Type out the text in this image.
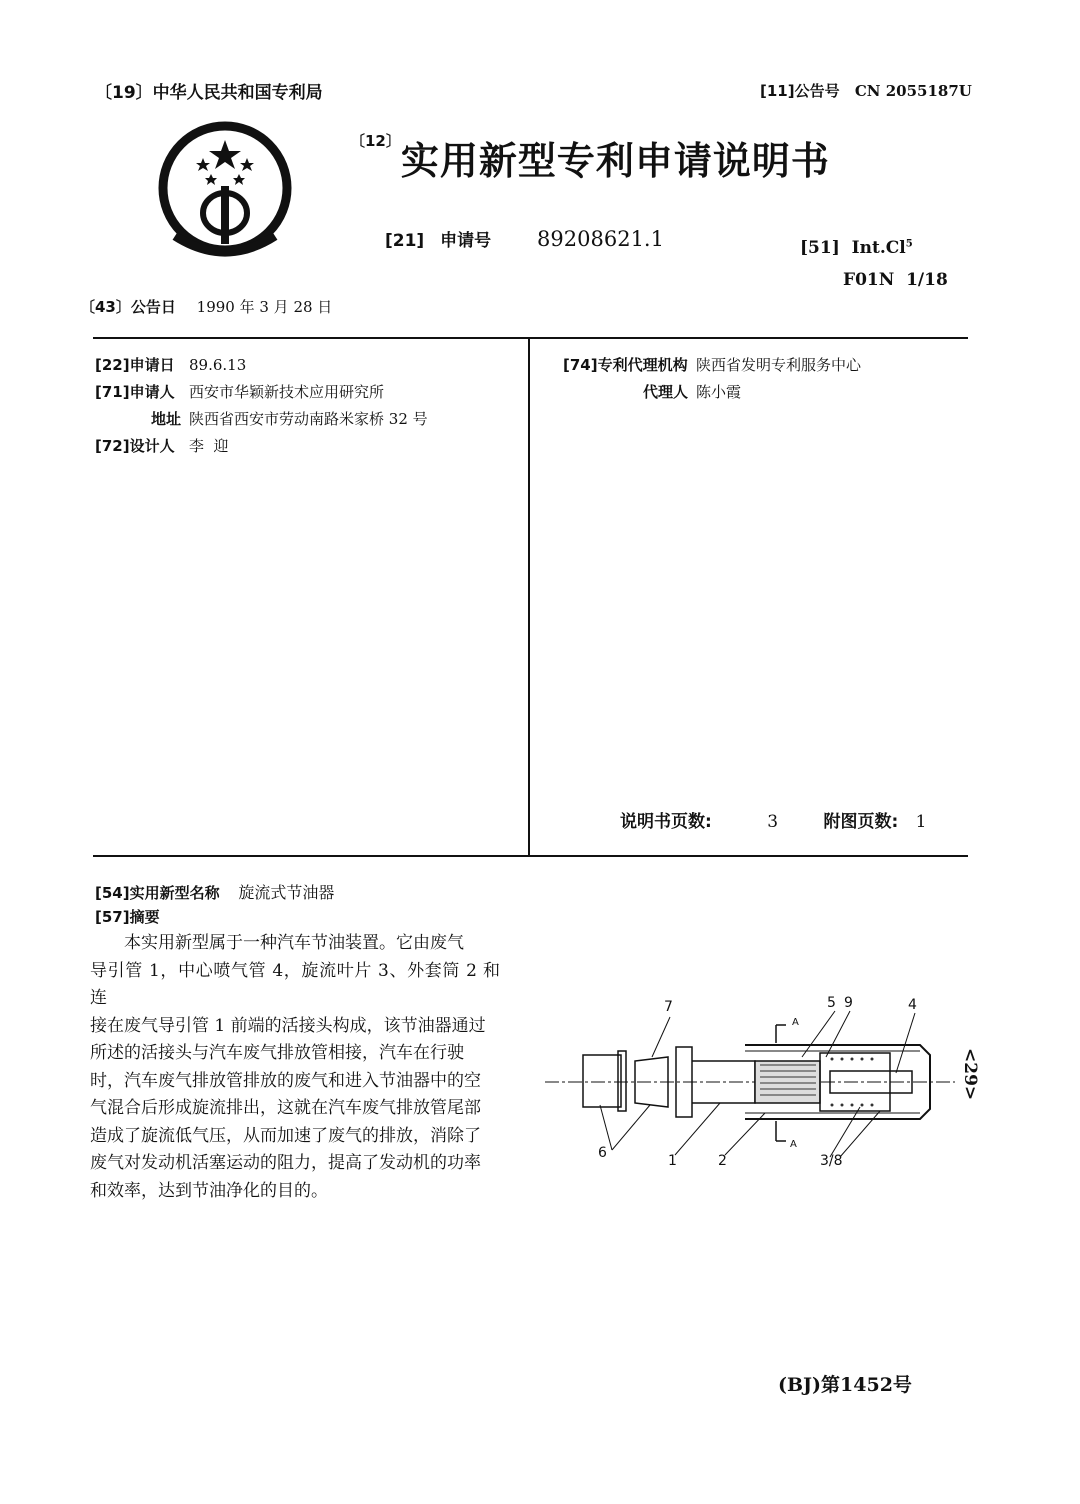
〔19〕中华人民共和国专利局	[11]公告号 CN 2055187U
〔12〕实用新型专利申请说明书
[21] 申请号 89208621.1	[51] Int.Cl$^5$
F01N  1/18
〔43〕公告日 1990 年 3 月 28 日
[22]申请日 89.6.13
[71]申请人 西安市华颖新技术应用研究所
地址 陕西省西安市劳动南路米家桥 32 号
[72]设计人 李  迎
[74]专利代理机构 陕西省发明专利服务中心
代理人 陈小霞
说明书页数:	3	附图页数: 1
[54]实用新型名称 旋流式节油器
[57]摘要

本实用新型属于一种汽车节油装置。它由废气

导引管 1，中心喷气管 4，旋流叶片 3、外套筒 2 和连

接在废气导引管 1 前端的活接头构成，该节油器通过

所述的活接头与汽车废气排放管相接，汽车在行驶

时，汽车废气排放管排放的废气和进入节油器中的空

气混合后形成旋流排出，这就在汽车废气排放管尾部

造成了旋流低气压，从而加速了废气的排放，消除了

废气对发动机活塞运动的阻力，提高了发动机的功率

和效率，达到节油净化的目的。

7	5 9	4
A
A
6	1	2	3/8
<29>
(BJ)第1452号
